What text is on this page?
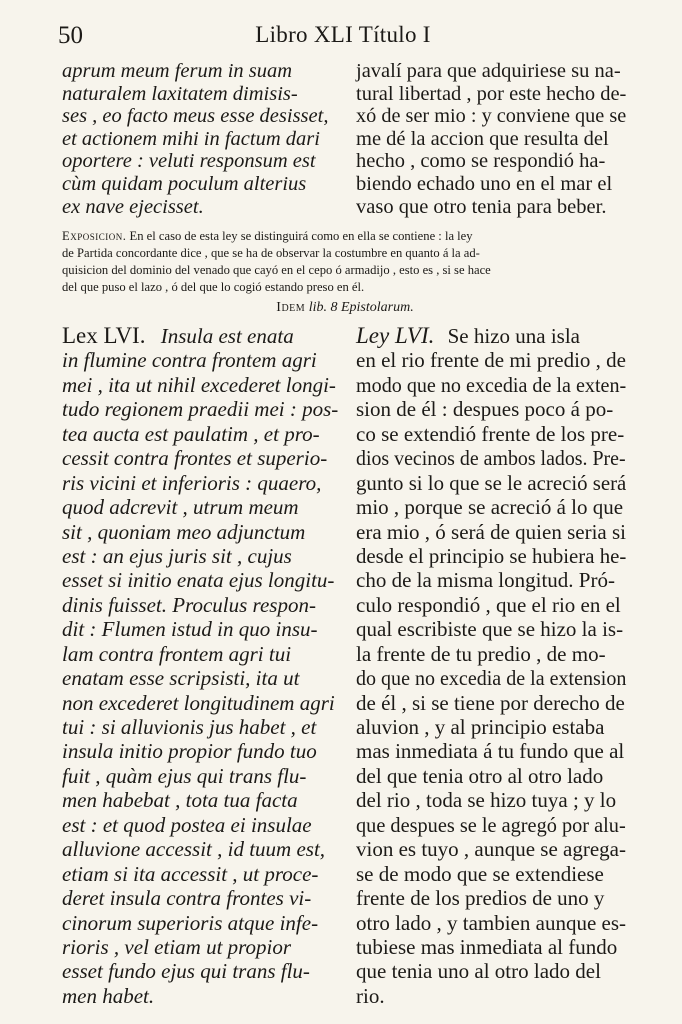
Libro XLI Título I
50
aprum meum ferum in suam
naturalem laxitatem dimisis-
ses , eo facto meus esse desisset,
et actionem mihi in factum dari
oportere : veluti responsum est
cùm quidam poculum alterius
ex nave ejecisset.
javalí para que adquiriese su na-
tural libertad , por este hecho de-
xó de ser mio : y conviene que se
me dé la accion que resulta del
hecho , como se respondió ha-
biendo echado uno en el mar el
vaso que otro tenia para beber.
Exposicion. En el caso de esta ley se distinguirá como en ella se contiene : la ley
de Partida concordante dice , que se ha de observar la costumbre en quanto á la ad-
quisicion del dominio del venado que cayó en el cepo ó armadijo , esto es , si se hace
del que puso el lazo , ó del que lo cogió estando preso en él.
Idem lib. 8 Epistolarum.
Lex LVI. Insula est enata
in flumine contra frontem agri
mei , ita ut nihil excederet longi-
tudo regionem praedii mei : pos-
tea aucta est paulatim , et pro-
cessit contra frontes et superio-
ris vicini et inferioris : quaero,
quod adcrevit , utrum meum
sit , quoniam meo adjunctum
est : an ejus juris sit , cujus
esset si initio enata ejus longitu-
dinis fuisset. Proculus respon-
dit : Flumen istud in quo insu-
lam contra frontem agri tui
enatam esse scripsisti, ita ut
non excederet longitudinem agri
tui : si alluvionis jus habet , et
insula initio propior fundo tuo
fuit , quàm ejus qui trans flu-
men habebat , tota tua facta
est : et quod postea ei insulae
alluvione accessit , id tuum est,
etiam si ita accessit , ut proce-
deret insula contra frontes vi-
cinorum superioris atque infe-
rioris , vel etiam ut propior
esset fundo ejus qui trans flu-
men habet.
Ley LVI. Se hizo una isla
en el rio frente de mi predio , de
modo que no excedia de la exten-
sion de él : despues poco á po-
co se extendió frente de los pre-
dios vecinos de ambos lados. Pre-
gunto si lo que se le acreció será
mio , porque se acreció á lo que
era mio , ó será de quien seria si
desde el principio se hubiera he-
cho de la misma longitud. Pró-
culo respondió , que el rio en el
qual escribiste que se hizo la is-
la frente de tu predio , de mo-
do que no excedia de la extension
de él , si se tiene por derecho de
aluvion , y al principio estaba
mas inmediata á tu fundo que al
del que tenia otro al otro lado
del rio , toda se hizo tuya ; y lo
que despues se le agregó por alu-
vion es tuyo , aunque se agrega-
se de modo que se extendiese
frente de los predios de uno y
otro lado , y tambien aunque es-
tubiese mas inmediata al fundo
que tenia uno al otro lado del
rio.
